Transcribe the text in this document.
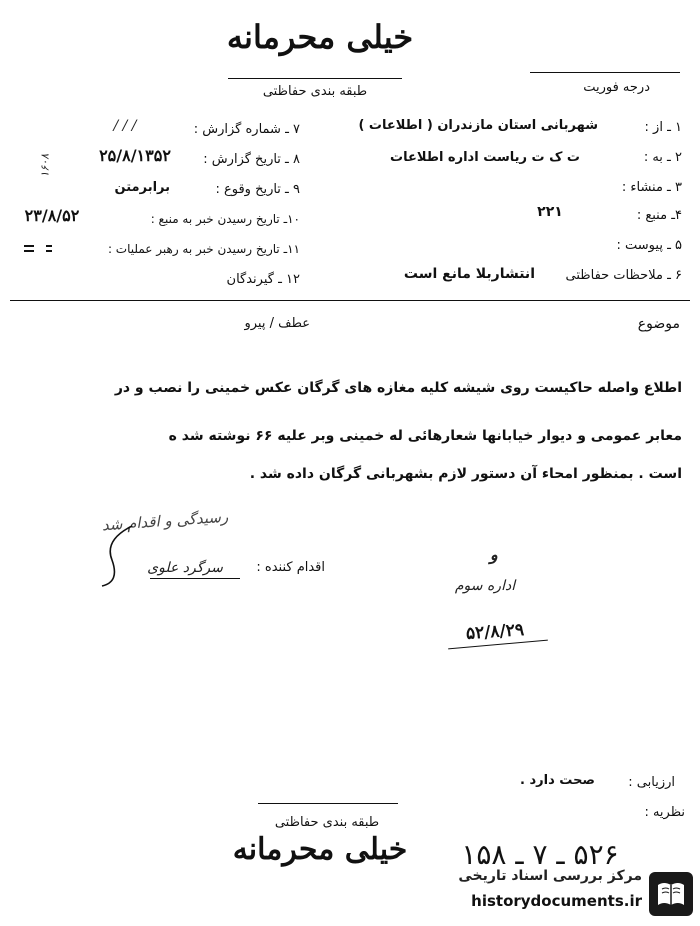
خیلی محرمانه
طبقه بندی حفاظتی	درجه فوریت
۱ ـ از :
شهربانی استان مازندران ( اطلاعات )
۲ ـ به :
ت ک ت ریاست اداره اطلاعات
۳ ـ منشاء :
۴ـ منبع :
۲۲۱
۵ ـ پیوست :
۶ ـ ملاحظات حفاظتی
انتشاربلا مانع است
۷ ـ شماره گزارش :
/ / /
۸ ـ تاریخ گزارش :
۲۵/۸/۱۳۵۲
۹ ـ تاریخ وقوع :
برابرمتن
۱۰ـ تاریخ رسیدن خبر به منبع :
۲۳/۸/۵۲
۱۱ـ تاریخ رسیدن خبر به رهبر عملیات :
۱۲ ـ گیرندگان
۱۶۰۸
موضوع
عطف / پیرو
اطلاع واصله حاکیست روی شیشه کلیه مغازه های گرگان عکس خمینی را نصب و در
معابر عمومی و دیوار خیابانها شعارهائی له خمینی وبر علیه ۶۶ نوشته شد ه
است . بمنظور امحاء آن دستور لازم بشهربانی گرگان داده شد .
رسیدگی و اقدام شد
اقدام کننده :
سرگرد علوی
و
اداره سوم
۵۲/۸/۲۹
ارزیابی :
صحت دارد .
نظریه :
طبقه بندی حفاظتی
خیلی محرمانه	۵۲۶ ـ ۷ ـ ۱۵۸
مرکز بررسی اسناد تاریخی
historydocuments.ir
